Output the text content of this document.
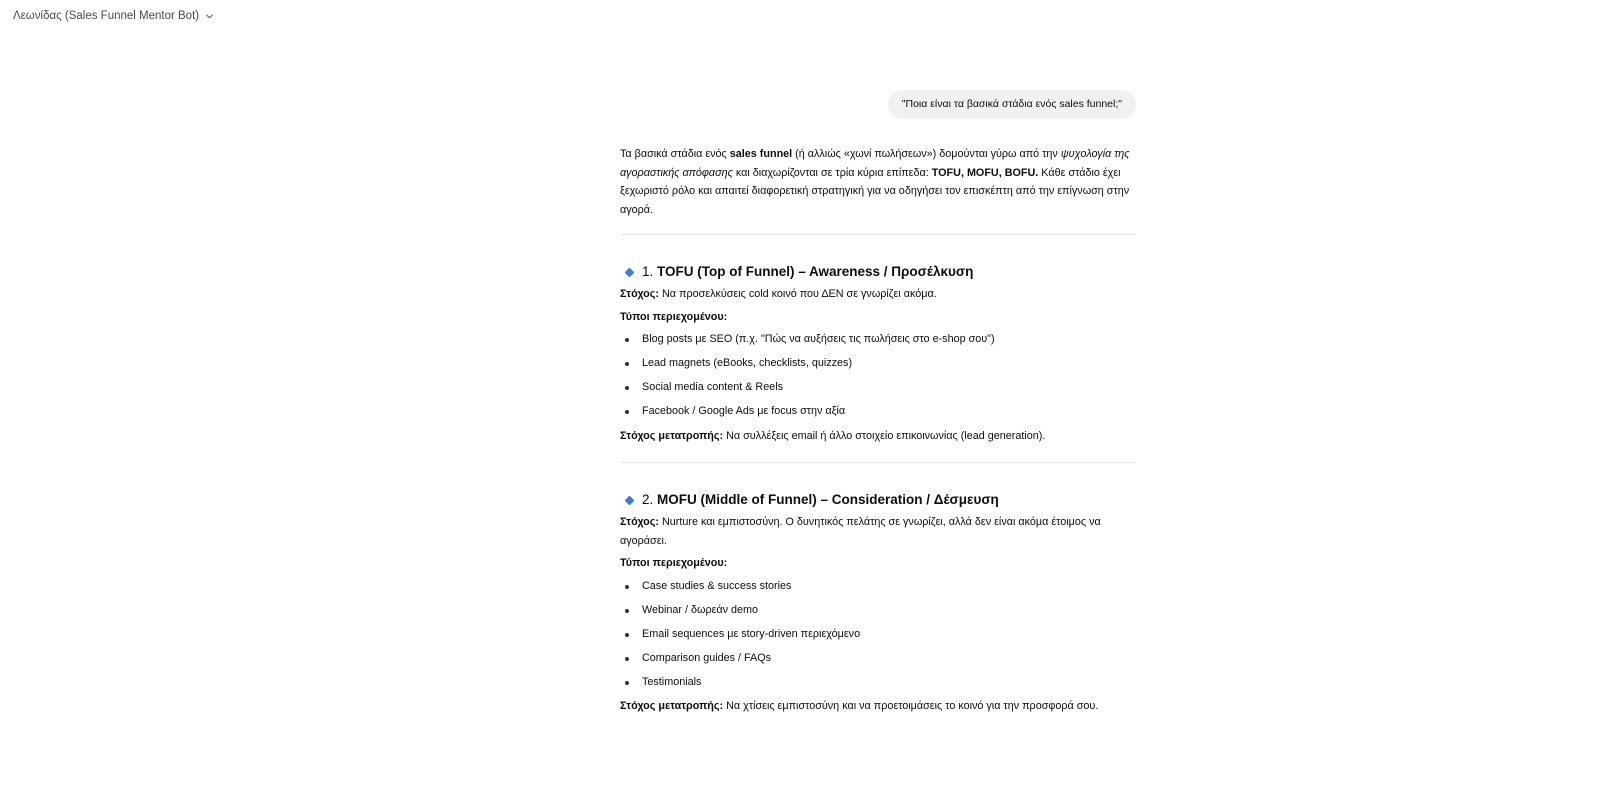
Λεωνίδας (Sales Funnel Mentor Bot)
"Ποια είναι τα βασικά στάδια ενός sales funnel;"
Τα βασικά στάδια ενός sales funnel (ή αλλιώς «χωνί πωλήσεων») δομούνται γύρω από την ψυχολογία της αγοραστικής απόφασης και διαχωρίζονται σε τρία κύρια επίπεδα: TOFU, MOFU, BOFU. Κάθε στάδιο έχει ξεχωριστό ρόλο και απαιτεί διαφορετική στρατηγική για να οδηγήσει τον επισκέπτη από την επίγνωση στην αγορά.
1. TOFU (Top of Funnel) – Awareness / Προσέλκυση
Στόχος: Να προσελκύσεις cold κοινό που ΔΕΝ σε γνωρίζει ακόμα.
Τύποι περιεχομένου:
Blog posts με SEO (π.χ. "Πώς να αυξήσεις τις πωλήσεις στο e-shop σου")
Lead magnets (eBooks, checklists, quizzes)
Social media content & Reels
Facebook / Google Ads με focus στην αξία
Στόχος μετατροπής: Να συλλέξεις email ή άλλο στοιχείο επικοινωνίας (lead generation).
2. MOFU (Middle of Funnel) – Consideration / Δέσμευση
Στόχος: Nurture και εμπιστοσύνη. Ο δυνητικός πελάτης σε γνωρίζει, αλλά δεν είναι ακόμα έτοιμος να αγοράσει.
Τύποι περιεχομένου:
Case studies & success stories
Webinar / δωρεάν demo
Email sequences με story-driven περιεχόμενο
Comparison guides / FAQs
Testimonials
Στόχος μετατροπής: Να χτίσεις εμπιστοσύνη και να προετοιμάσεις το κοινό για την προσφορά σου.
